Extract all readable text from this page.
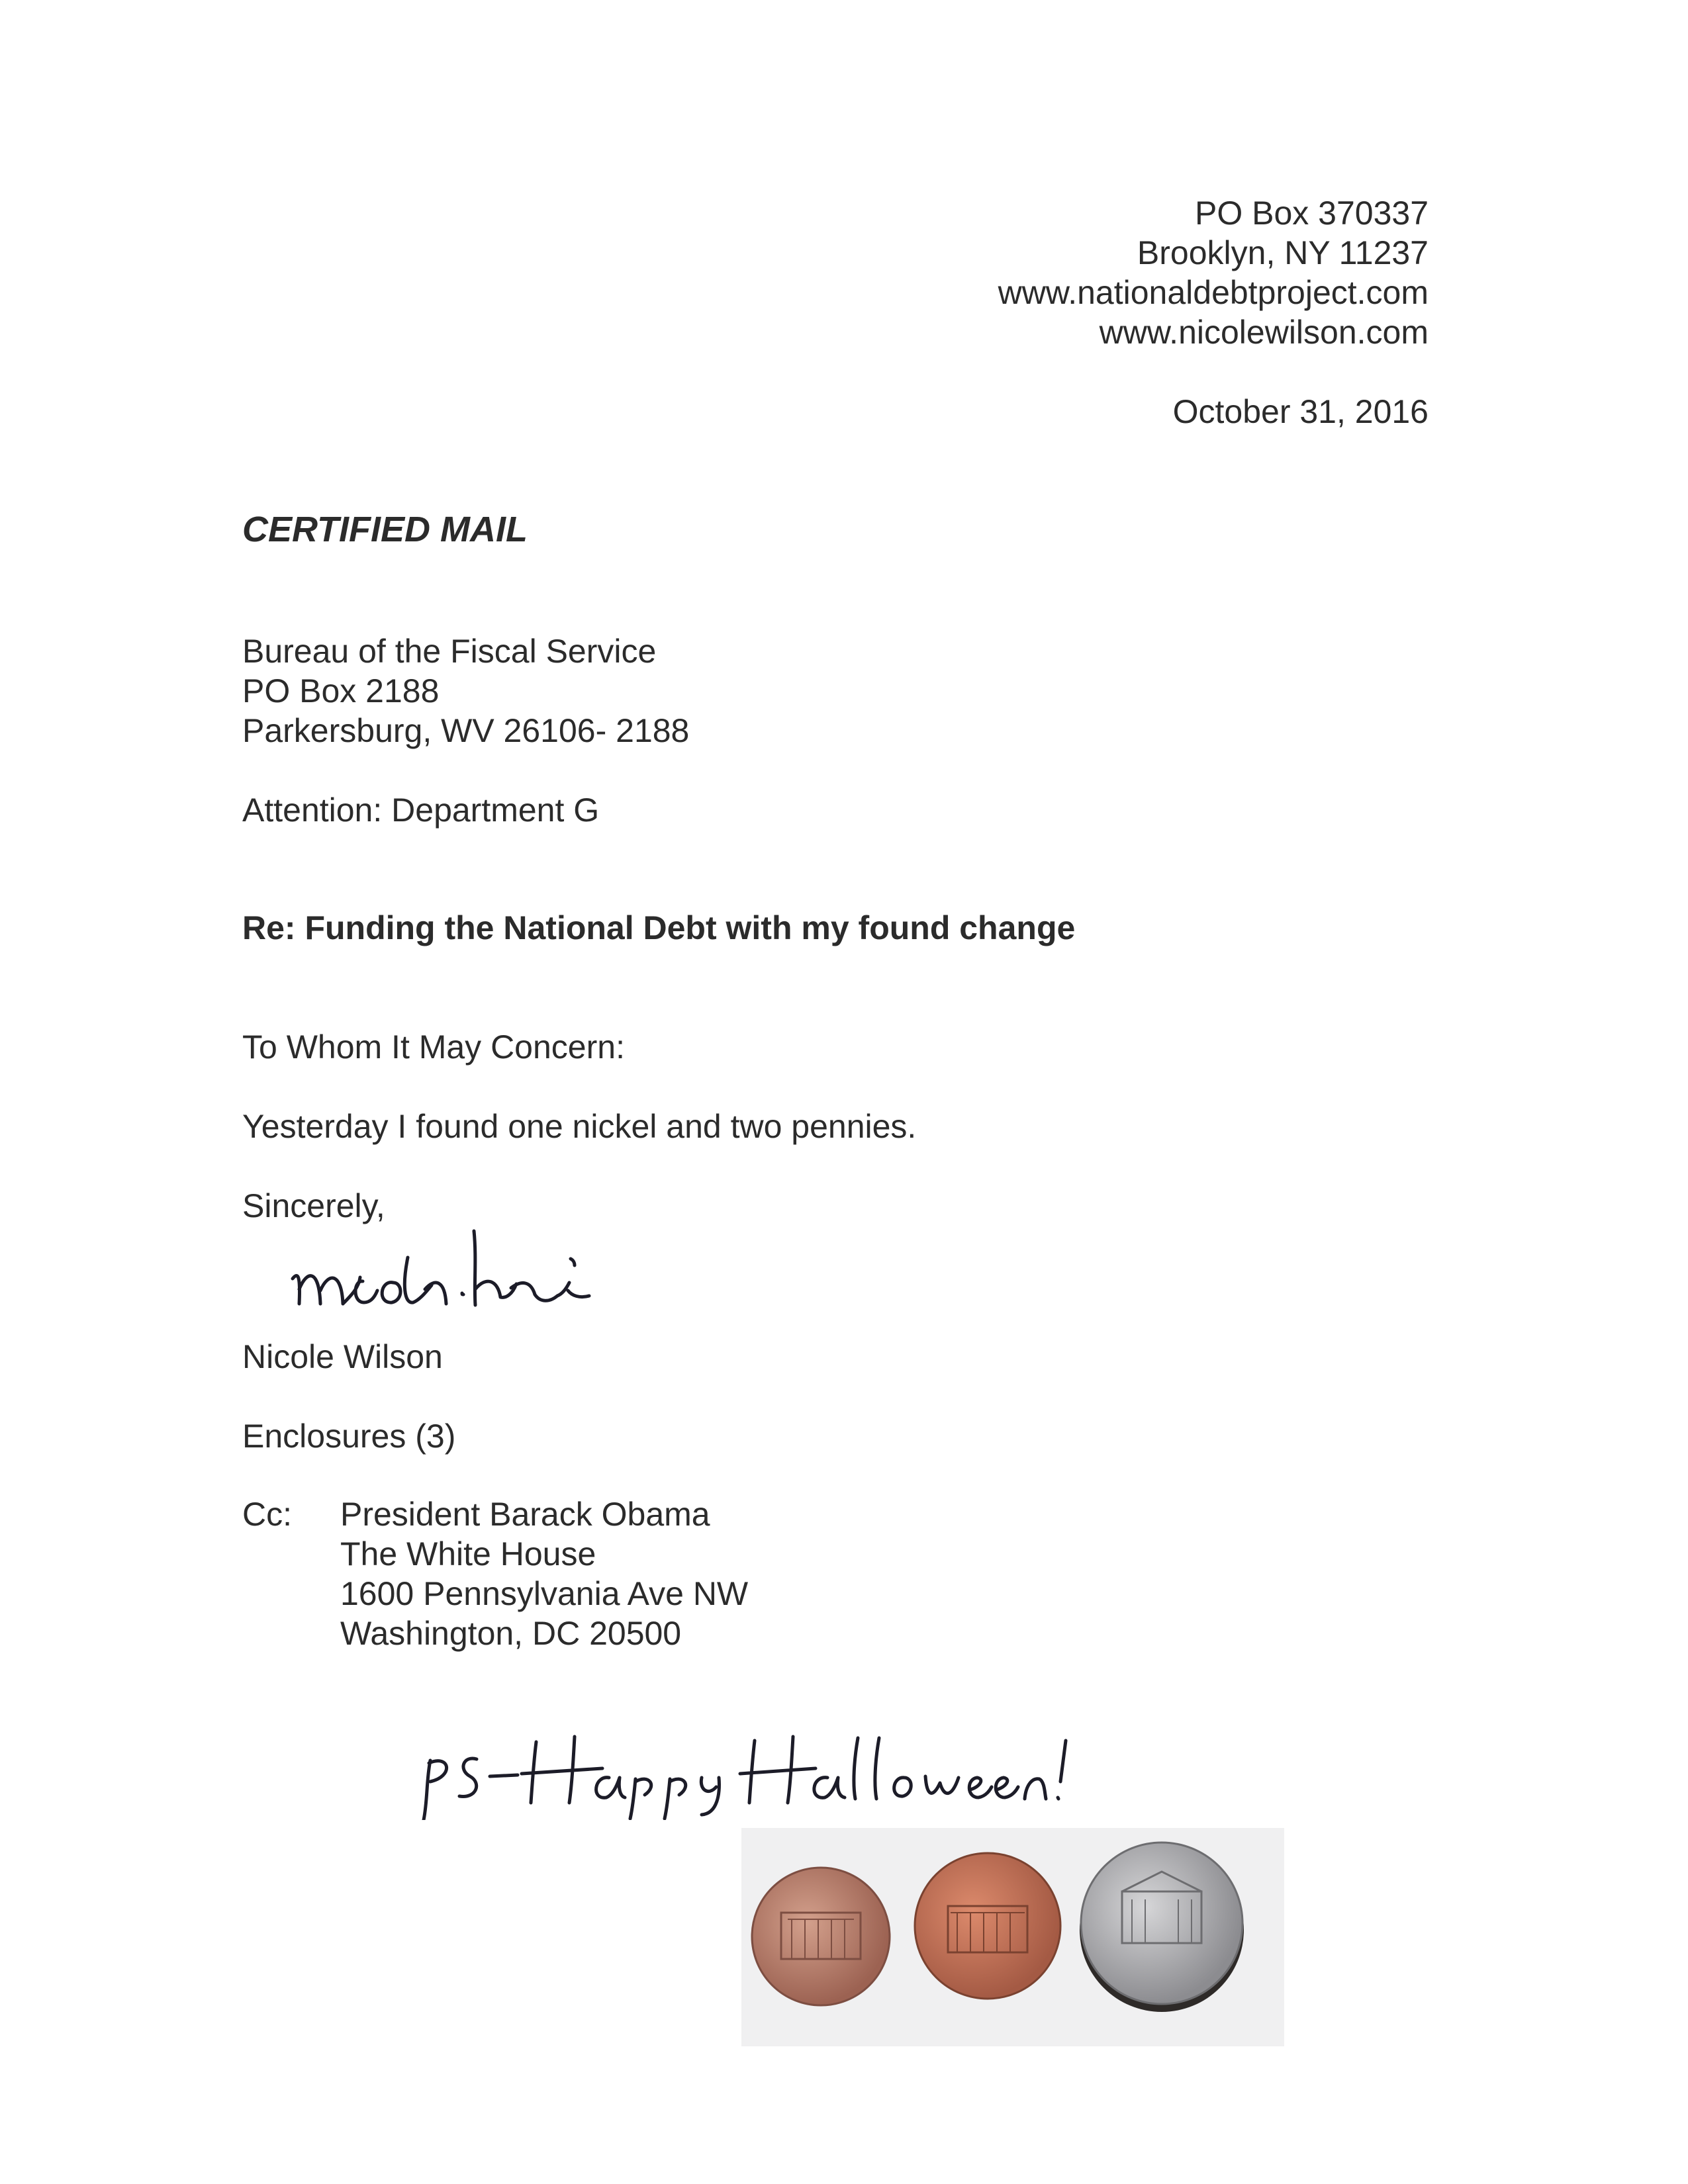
PO Box 370337

Brooklyn, NY 11237

www.nationaldebtproject.com

www.nicolewilson.com

October 31, 2016

CERTIFIED MAIL

Bureau of the Fiscal Service

PO Box 2188

Parkersburg, WV 26106- 2188

Attention: Department G

Re: Funding the National Debt with my found change

To Whom It May Concern:

Yesterday I found one nickel and two pennies.

Sincerely,

Nicole Wilson

Enclosures (3)

Cc: President Barack Obama

The White House

1600 Pennsylvania Ave NW

Washington, DC 20500
